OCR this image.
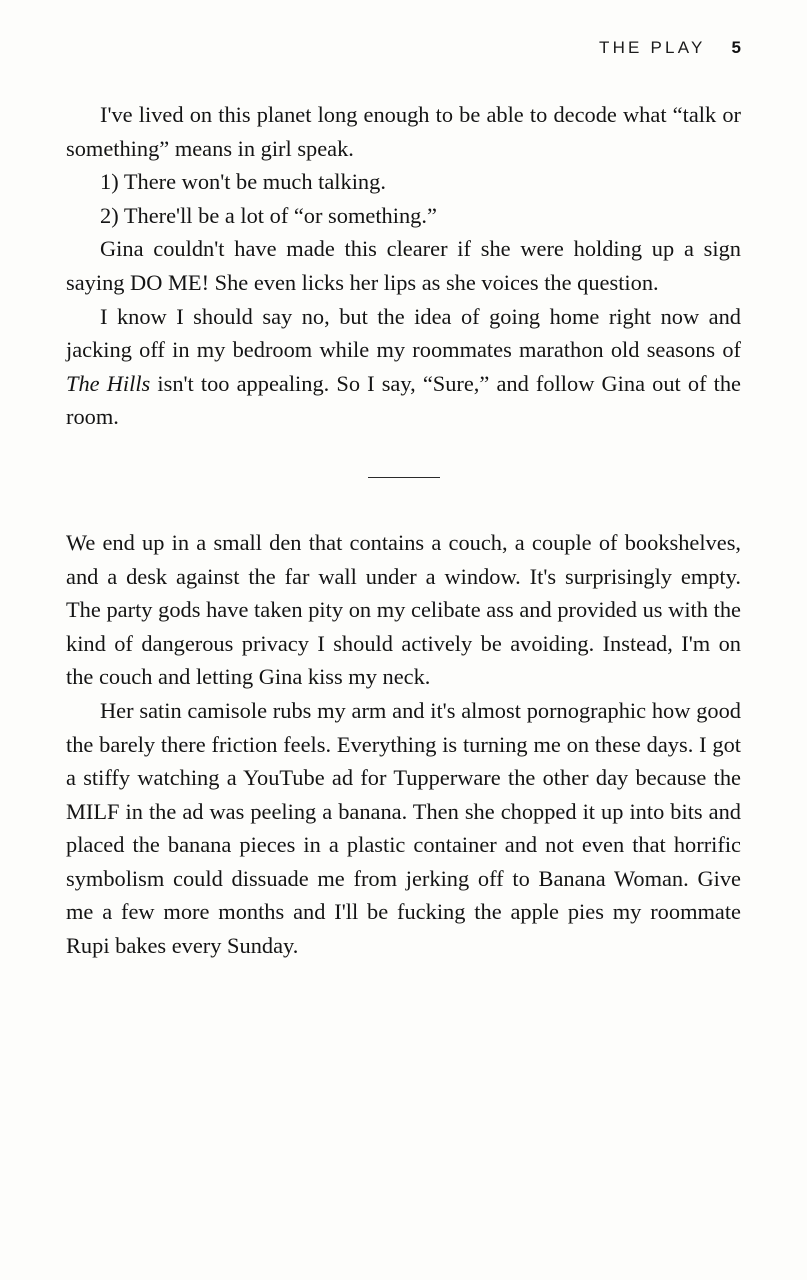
THE PLAY 5

I've lived on this planet long enough to be able to decode what “talk or something” means in girl speak.

1) There won't be much talking.

2) There'll be a lot of “or something.”

Gina couldn't have made this clearer if she were holding up a sign saying DO ME! She even licks her lips as she voices the question.

I know I should say no, but the idea of going home right now and jacking off in my bedroom while my roommates marathon old seasons of The Hills isn't too appealing. So I say, “Sure,” and follow Gina out of the room.

We end up in a small den that contains a couch, a couple of bookshelves, and a desk against the far wall under a window. It's surprisingly empty. The party gods have taken pity on my celibate ass and provided us with the kind of dangerous privacy I should actively be avoiding. Instead, I'm on the couch and letting Gina kiss my neck.

Her satin camisole rubs my arm and it's almost pornographic how good the barely there friction feels. Everything is turning me on these days. I got a stiffy watching a YouTube ad for Tupperware the other day because the MILF in the ad was peeling a banana. Then she chopped it up into bits and placed the banana pieces in a plastic container and not even that horrific symbolism could dissuade me from jerking off to Banana Woman. Give me a few more months and I'll be fucking the apple pies my roommate Rupi bakes every Sunday.
